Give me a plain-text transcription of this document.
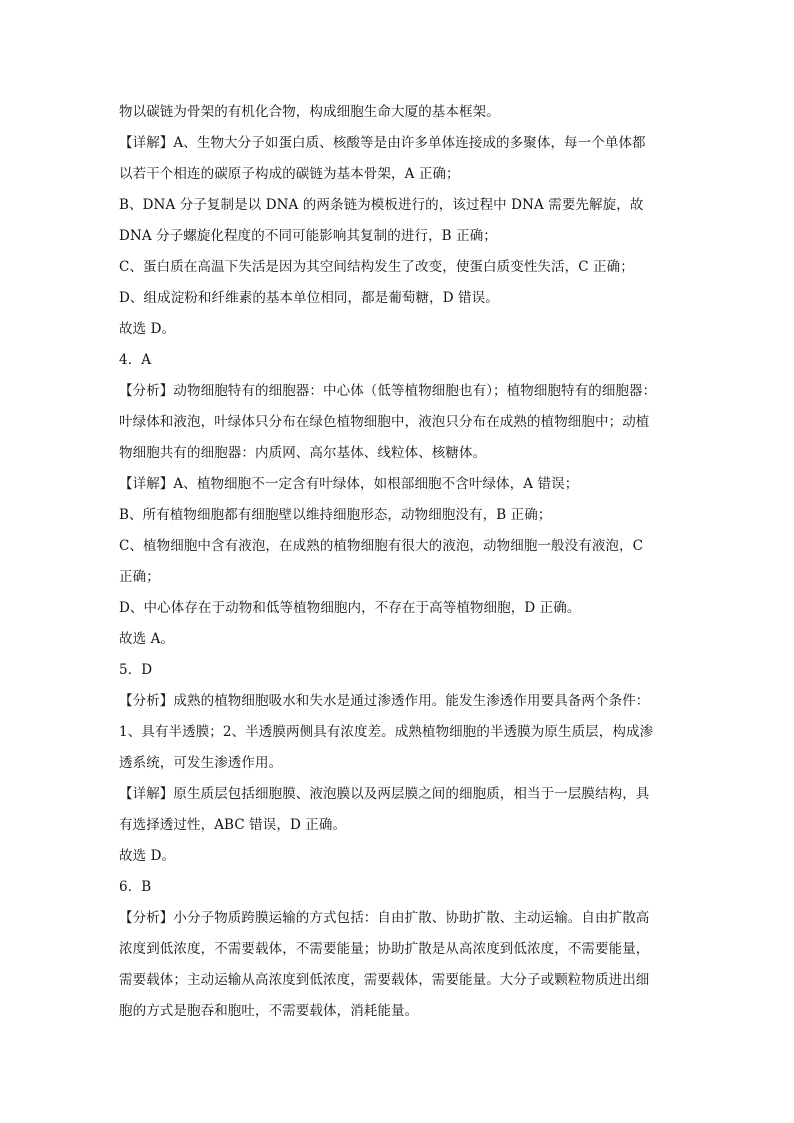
物以碳链为骨架的有机化合物，构成细胞生命大厦的基本框架。
【详解】A、生物大分子如蛋白质、核酸等是由许多单体连接成的多聚体，每一个单体都
以若干个相连的碳原子构成的碳链为基本骨架，A 正确；
B、DNA 分子复制是以 DNA 的两条链为模板进行的，该过程中 DNA 需要先解旋，故
DNA 分子螺旋化程度的不同可能影响其复制的进行，B 正确；
C、蛋白质在高温下失活是因为其空间结构发生了改变，使蛋白质变性失活，C 正确；
D、组成淀粉和纤维素的基本单位相同，都是葡萄糖，D 错误。
故选 D。
4．A
【分析】动物细胞特有的细胞器：中心体（低等植物细胞也有）；植物细胞特有的细胞器：
叶绿体和液泡，叶绿体只分布在绿色植物细胞中，液泡只分布在成熟的植物细胞中；动植
物细胞共有的细胞器：内质网、高尔基体、线粒体、核糖体。
【详解】A、植物细胞不一定含有叶绿体，如根部细胞不含叶绿体，A 错误；
B、所有植物细胞都有细胞壁以维持细胞形态，动物细胞没有，B 正确；
C、植物细胞中含有液泡，在成熟的植物细胞有很大的液泡，动物细胞一般没有液泡，C
正确；
D、中心体存在于动物和低等植物细胞内，不存在于高等植物细胞，D 正确。
故选 A。
5．D
【分析】成熟的植物细胞吸水和失水是通过渗透作用。能发生渗透作用要具备两个条件：
1、具有半透膜；2、半透膜两侧具有浓度差。成熟植物细胞的半透膜为原生质层，构成渗
透系统，可发生渗透作用。
【详解】原生质层包括细胞膜、液泡膜以及两层膜之间的细胞质，相当于一层膜结构，具
有选择透过性，ABC 错误，D 正确。
故选 D。
6．B
【分析】小分子物质跨膜运输的方式包括：自由扩散、协助扩散、主动运输。自由扩散高
浓度到低浓度，不需要载体，不需要能量；协助扩散是从高浓度到低浓度，不需要能量，
需要载体；主动运输从高浓度到低浓度，需要载体，需要能量。大分子或颗粒物质进出细
胞的方式是胞吞和胞吐，不需要载体，消耗能量。
